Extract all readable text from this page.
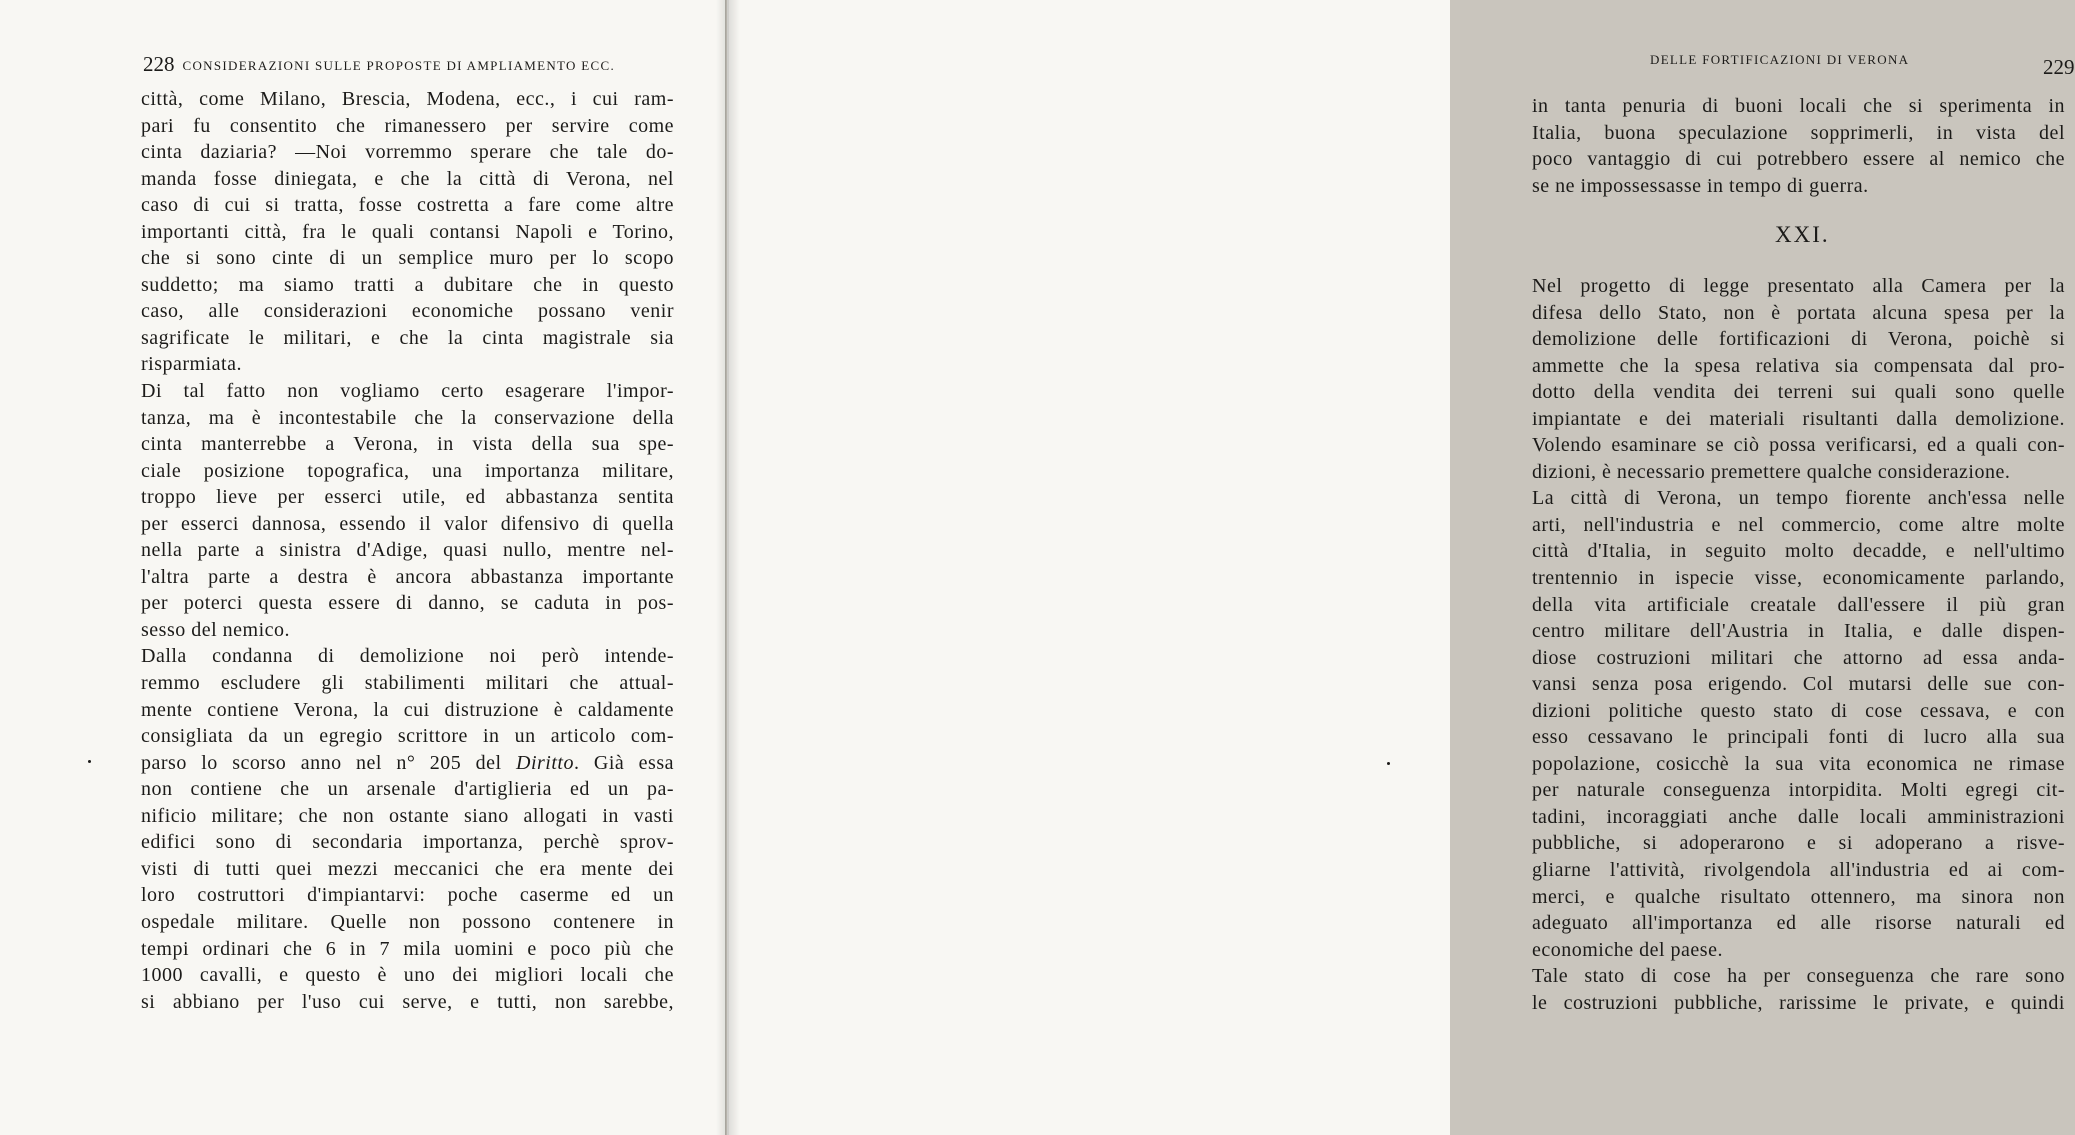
228 CONSIDERAZIONI SULLE PROPOSTE DI AMPLIAMENTO ECC.
città, come Milano, Brescia, Modena, ecc., i cui ram-
pari fu consentito che rimanessero per servire come
cinta daziaria? —Noi vorremmo sperare che tale do-
manda fosse diniegata, e che la città di Verona, nel
caso di cui si tratta, fosse costretta a fare come altre
importanti città, fra le quali contansi Napoli e Torino,
che si sono cinte di un semplice muro per lo scopo
suddetto; ma siamo tratti a dubitare che in questo
caso, alle considerazioni economiche possano venir
sagrificate le militari, e che la cinta magistrale sia
risparmiata.
Di tal fatto non vogliamo certo esagerare l'impor-
tanza, ma è incontestabile che la conservazione della
cinta manterrebbe a Verona, in vista della sua spe-
ciale posizione topografica, una importanza militare,
troppo lieve per esserci utile, ed abbastanza sentita
per esserci dannosa, essendo il valor difensivo di quella
nella parte a sinistra d'Adige, quasi nullo, mentre nel-
l'altra parte a destra è ancora abbastanza importante
per poterci questa essere di danno, se caduta in pos-
sesso del nemico.
Dalla condanna di demolizione noi però intende-
remmo escludere gli stabilimenti militari che attual-
mente contiene Verona, la cui distruzione è caldamente
consigliata da un egregio scrittore in un articolo com-
parso lo scorso anno nel n° 205 del Diritto. Già essa
non contiene che un arsenale d'artiglieria ed un pa-
nificio militare; che non ostante siano allogati in vasti
edifici sono di secondaria importanza, perchè sprov-
visti di tutti quei mezzi meccanici che era mente dei
loro costruttori d'impiantarvi: poche caserme ed un
ospedale militare. Quelle non possono contenere in
tempi ordinari che 6 in 7 mila uomini e poco più che
1000 cavalli, e questo è uno dei migliori locali che
si abbiano per l'uso cui serve, e tutti, non sarebbe,
DELLE FORTIFICAZIONI DI VERONA	229
in tanta penuria di buoni locali che si sperimenta in
Italia, buona speculazione sopprimerli, in vista del
poco vantaggio di cui potrebbero essere al nemico che
se ne impossessasse in tempo di guerra.
XXI.
Nel progetto di legge presentato alla Camera per la
difesa dello Stato, non è portata alcuna spesa per la
demolizione delle fortificazioni di Verona, poichè si
ammette che la spesa relativa sia compensata dal pro-
dotto della vendita dei terreni sui quali sono quelle
impiantate e dei materiali risultanti dalla demolizione.
Volendo esaminare se ciò possa verificarsi, ed a quali con-
dizioni, è necessario premettere qualche considerazione.
La città di Verona, un tempo fiorente anch'essa nelle
arti, nell'industria e nel commercio, come altre molte
città d'Italia, in seguito molto decadde, e nell'ultimo
trentennio in ispecie visse, economicamente parlando,
della vita artificiale creatale dall'essere il più gran
centro militare dell'Austria in Italia, e dalle dispen-
diose costruzioni militari che attorno ad essa anda-
vansi senza posa erigendo. Col mutarsi delle sue con-
dizioni politiche questo stato di cose cessava, e con
esso cessavano le principali fonti di lucro alla sua
popolazione, cosicchè la sua vita economica ne rimase
per naturale conseguenza intorpidita. Molti egregi cit-
tadini, incoraggiati anche dalle locali amministrazioni
pubbliche, si adoperarono e si adoperano a risve-
gliarne l'attività, rivolgendola all'industria ed ai com-
merci, e qualche risultato ottennero, ma sinora non
adeguato all'importanza ed alle risorse naturali ed
economiche del paese.
Tale stato di cose ha per conseguenza che rare sono
le costruzioni pubbliche, rarissime le private, e quindi
